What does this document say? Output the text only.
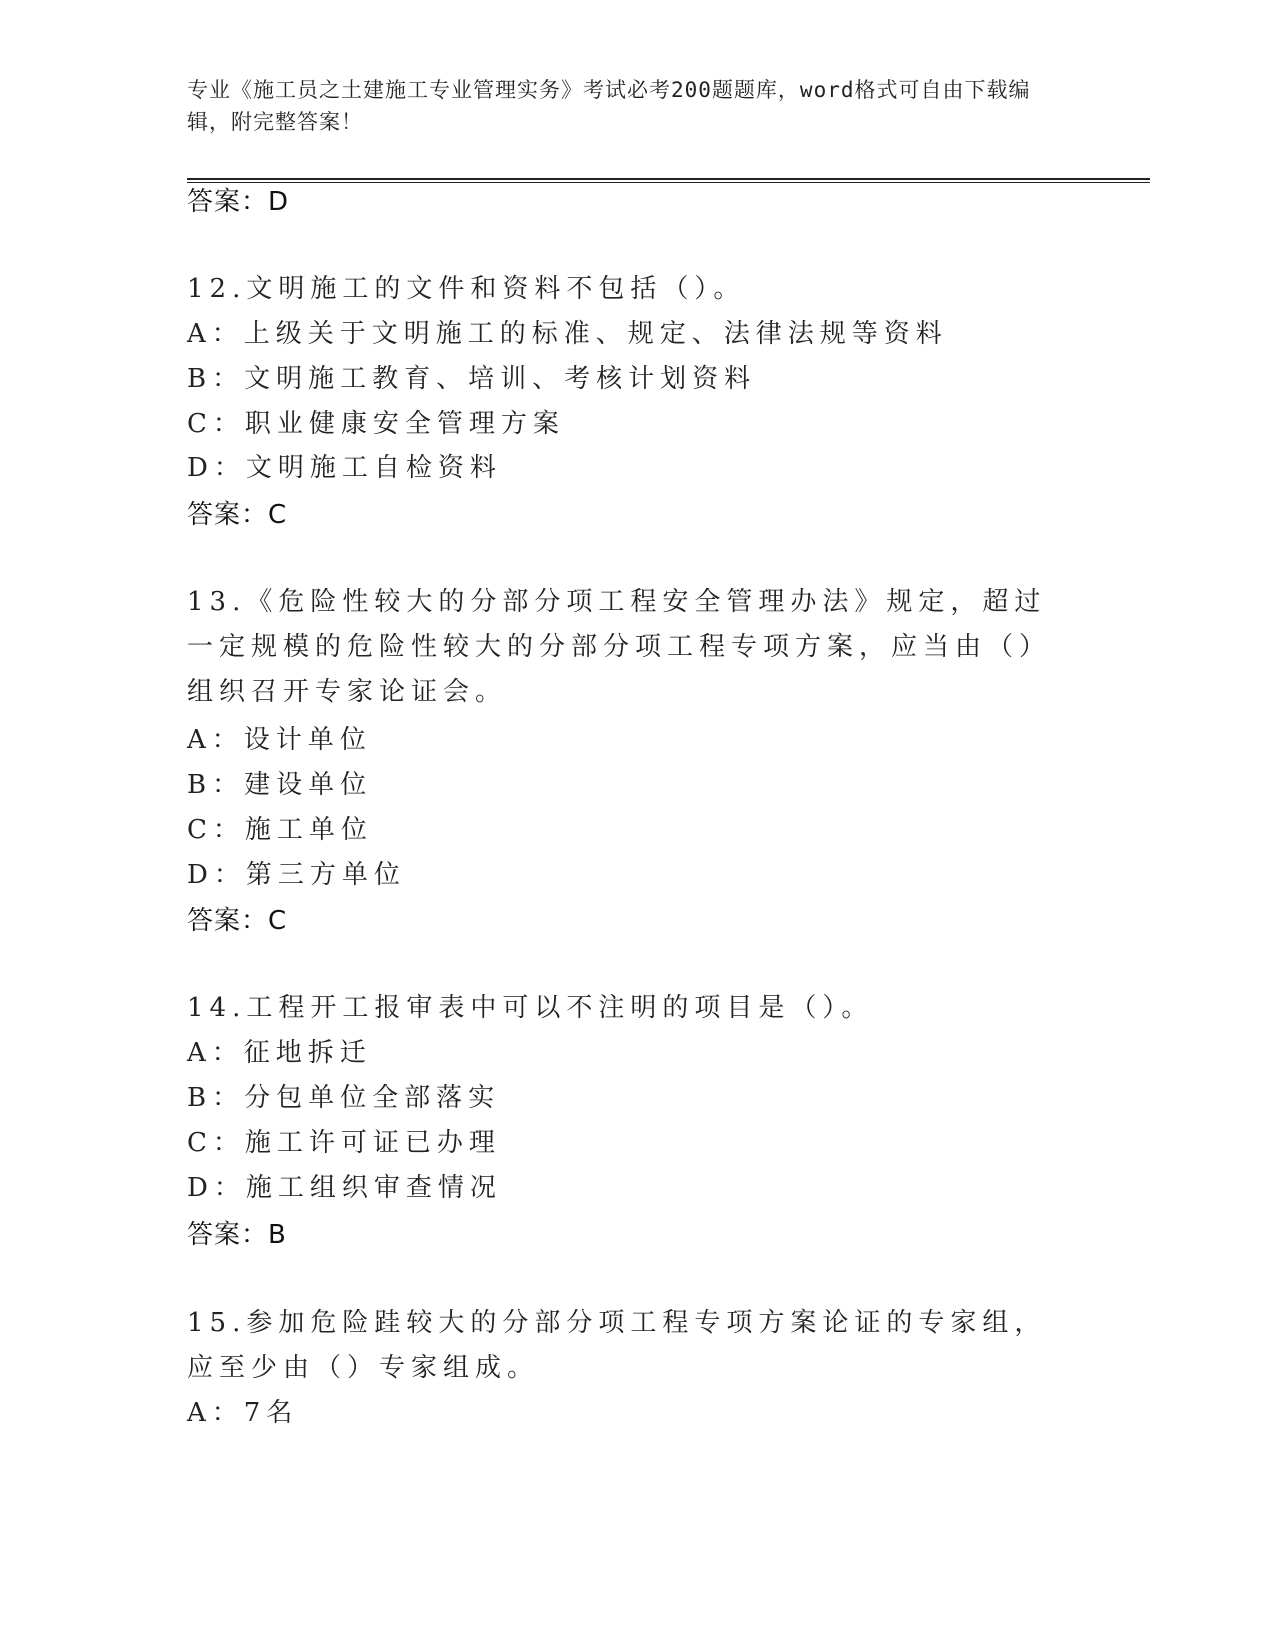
专业《施工员之土建施工专业管理实务》考试必考200题题库，word格式可自由下载编辑，附完整答案！
答案：D
12.文明施工的文件和资料不包括（）。
A：上级关于文明施工的标准、规定、法律法规等资料
B：文明施工教育、培训、考核计划资料
C：职业健康安全管理方案
D：文明施工自检资料
答案：C
13.《危险性较大的分部分项工程安全管理办法》规定，超过一定规模的危险性较大的分部分项工程专项方案，应当由（）组织召开专家论证会。
A：设计单位
B：建设单位
C：施工单位
D：第三方单位
答案：C
14.工程开工报审表中可以不注明的项目是（）。
A：征地拆迁
B：分包单位全部落实
C：施工许可证已办理
D：施工组织审查情况
答案：B
15.参加危险跬较大的分部分项工程专项方案论证的专家组，应至少由（）专家组成。
A：7名
